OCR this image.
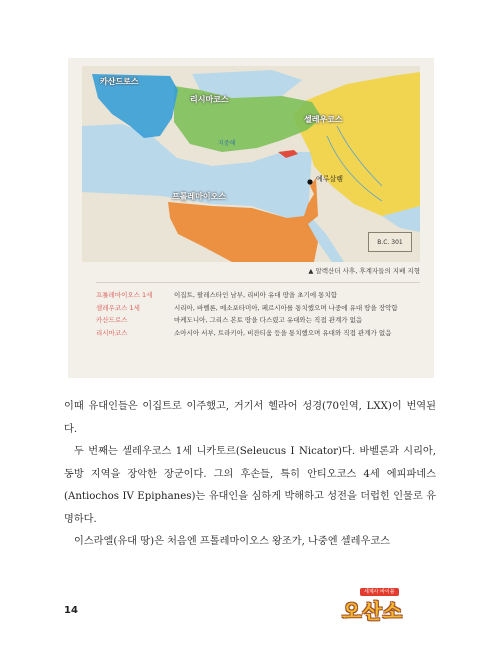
카산드로스
리시마코스
셀레우코스
프톨레마이오스
지중해
예루살렘
B.C. 301
▲ 알렉산더 사후, 후계자들의 지배 지형
프톨레마이오스 1세	이집트, 팔레스타인 남부, 리비아 유대 땅을 초기에 통치함
셀레우코스 1세	시리아, 바벨론, 메소포타미아, 페르시아를 통치했으며 나중에 유대 땅을 장악함
카산드로스	마케도니아, 그리스 본토 땅을 다스렸고 유대와는 직접 관계가 없음
리시마코스	소아시아 서부, 트라키아, 비잔티움 등을 통치했으며 유대와 직접 관계가 없음

이때 유대인들은 이집트로 이주했고, 거기서 헬라어 성경(70인역, LXX)이 번역된다.

두 번째는 셀레우코스 1세 니카토르(Seleucus I Nicator)다. 바벨론과 시리아, 동방 지역을 장악한 장군이다. 그의 후손들, 특히 안티오코스 4세 에피파네스(Antiochos IV Epiphanes)는 유대인을 심하게 박해하고 성전을 더럽힌 인물로 유명하다.

이스라엘(유대 땅)은 처음엔 프톨레마이오스 왕조가, 나중엔 셀레우코스

14
세계사 바이블
오산소
